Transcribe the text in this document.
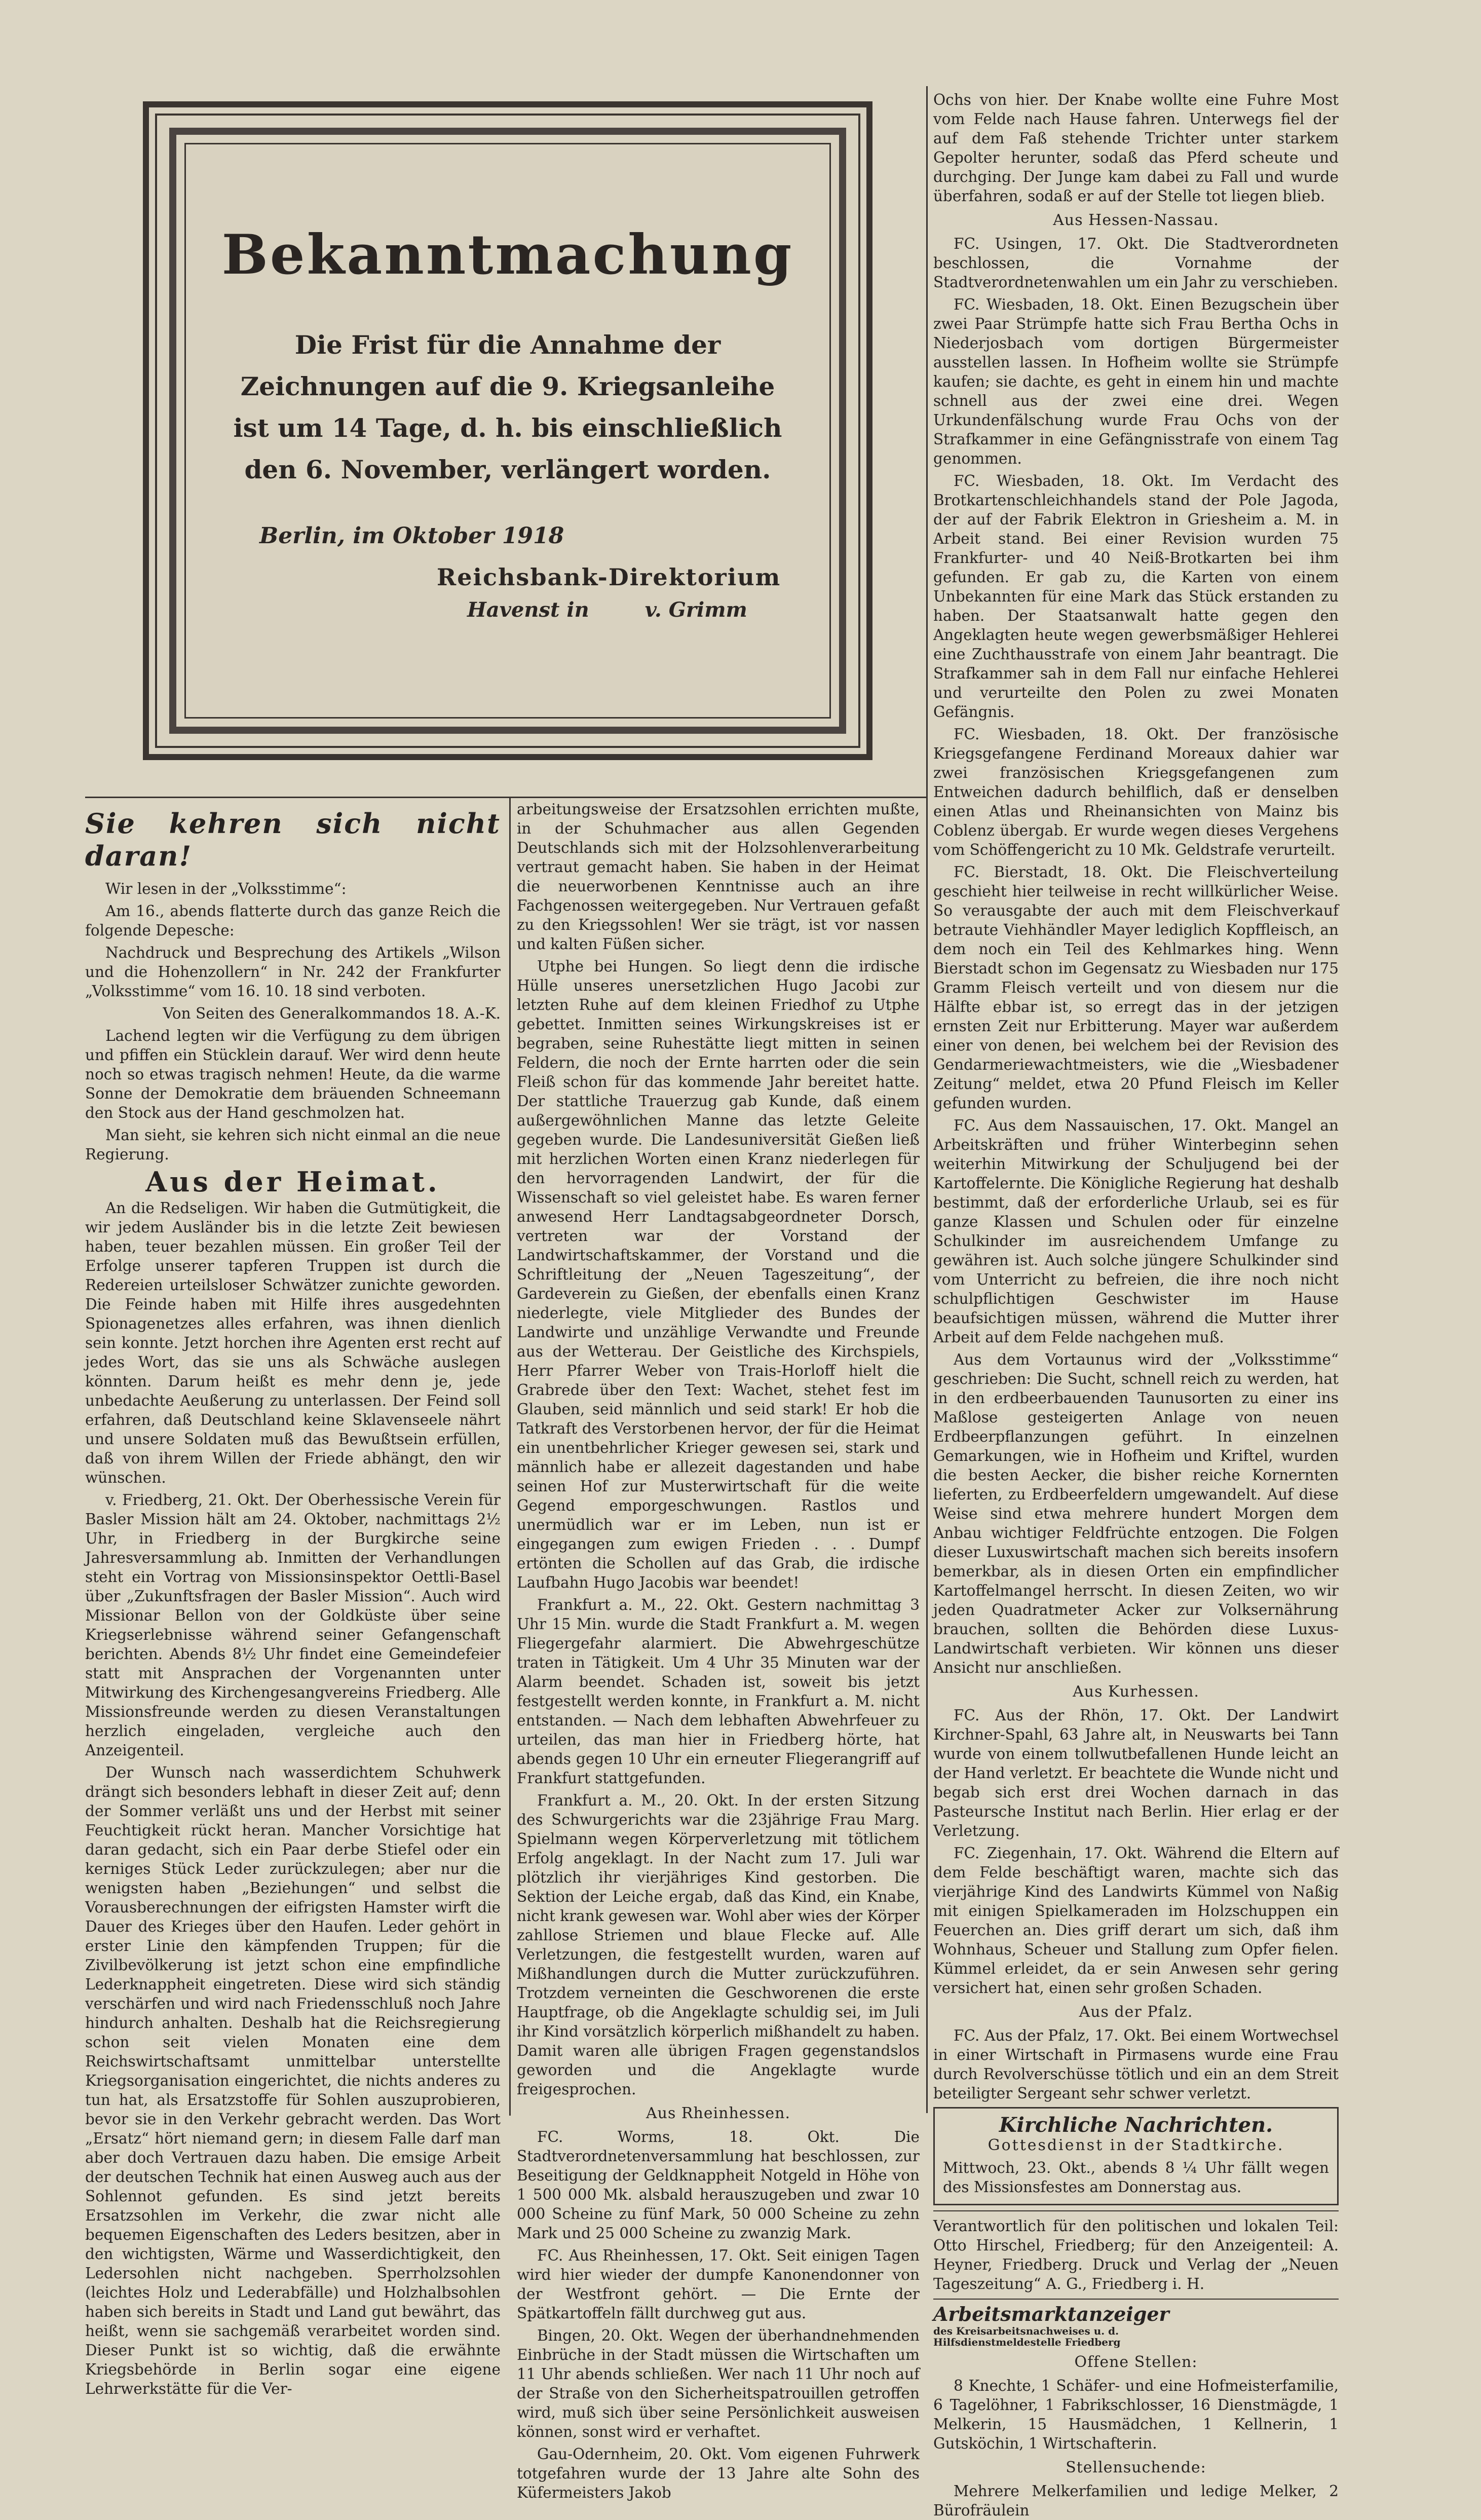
Bekanntmachung
Die Frist für die Annahme der Zeichnungen auf die 9. Kriegsanleihe ist um 14 Tage, d. h. bis einschließlich den 6. November, verlängert worden.
Berlin, im Oktober 1918
Reichsbank-Direktorium
Havenst in	v. Grimm
Sie kehren sich nicht daran!

Wir lesen in der „Volksstimme“:

Am 16., abends flatterte durch das ganze Reich die folgende Depesche:

Nachdruck und Besprechung des Artikels „Wilson und die Hohenzollern“ in Nr. 242 der Frankfurter „Volksstimme“ vom 16. 10. 18 sind verboten.

Von Seiten des Generalkommandos 18. A.-K.

Lachend legten wir die Verfügung zu dem übrigen und pfiffen ein Stücklein darauf. Wer wird denn heute noch so etwas tragisch nehmen! Heute, da die warme Sonne der Demokratie dem bräuenden Schneemann den Stock aus der Hand geschmolzen hat.

Man sieht, sie kehren sich nicht einmal an die neue Regierung.

Aus der Heimat.

An die Redseligen. Wir haben die Gutmütigkeit, die wir jedem Ausländer bis in die letzte Zeit bewiesen haben, teuer bezahlen müssen. Ein großer Teil der Erfolge unserer tapferen Truppen ist durch die Redereien urteilsloser Schwätzer zunichte geworden. Die Feinde haben mit Hilfe ihres ausgedehnten Spionagenetzes alles erfahren, was ihnen dienlich sein konnte. Jetzt horchen ihre Agenten erst recht auf jedes Wort, das sie uns als Schwäche auslegen könnten. Darum heißt es mehr denn je, jede unbedachte Aeußerung zu unterlassen. Der Feind soll erfahren, daß Deutschland keine Sklavenseele nährt und unsere Soldaten muß das Bewußtsein erfüllen, daß von ihrem Willen der Friede abhängt, den wir wünschen.

v. Friedberg, 21. Okt. Der Oberhessische Verein für Basler Mission hält am 24. Oktober, nachmittags 2½ Uhr, in Friedberg in der Burgkirche seine Jahresversammlung ab. Inmitten der Verhandlungen steht ein Vortrag von Missionsinspektor Oettli-Basel über „Zukunftsfragen der Basler Mission“. Auch wird Missionar Bellon von der Goldküste über seine Kriegserlebnisse während seiner Gefangenschaft berichten. Abends 8½ Uhr findet eine Gemeindefeier statt mit Ansprachen der Vorgenannten unter Mitwirkung des Kirchengesangvereins Friedberg. Alle Missionsfreunde werden zu diesen Veranstaltungen herzlich eingeladen, vergleiche auch den Anzeigenteil.

Der Wunsch nach wasserdichtem Schuhwerk drängt sich besonders lebhaft in dieser Zeit auf; denn der Sommer verläßt uns und der Herbst mit seiner Feuchtigkeit rückt heran. Mancher Vorsichtige hat daran gedacht, sich ein Paar derbe Stiefel oder ein kerniges Stück Leder zurückzulegen; aber nur die wenigsten haben „Beziehungen“ und selbst die Vorausberechnungen der eifrigsten Hamster wirft die Dauer des Krieges über den Haufen. Leder gehört in erster Linie den kämpfenden Truppen; für die Zivilbevölkerung ist jetzt schon eine empfindliche Lederknappheit eingetreten. Diese wird sich ständig verschärfen und wird nach Friedensschluß noch Jahre hindurch anhalten. Deshalb hat die Reichsregierung schon seit vielen Monaten eine dem Reichswirtschaftsamt unmittelbar unterstellte Kriegsorganisation eingerichtet, die nichts anderes zu tun hat, als Ersatzstoffe für Sohlen auszuprobieren, bevor sie in den Verkehr gebracht werden. Das Wort „Ersatz“ hört niemand gern; in diesem Falle darf man aber doch Vertrauen dazu haben. Die emsige Arbeit der deutschen Technik hat einen Ausweg auch aus der Sohlennot gefunden. Es sind jetzt bereits Ersatzsohlen im Verkehr, die zwar nicht alle bequemen Eigenschaften des Leders besitzen, aber in den wichtigsten, Wärme und Wasserdichtigkeit, den Ledersohlen nicht nachgeben. Sperrholzsohlen (leichtes Holz und Lederabfälle) und Holzhalbsohlen haben sich bereits in Stadt und Land gut bewährt, das heißt, wenn sie sachgemäß verarbeitet worden sind. Dieser Punkt ist so wichtig, daß die erwähnte Kriegsbehörde in Berlin sogar eine eigene Lehrwerkstätte für die Ver-

arbeitungsweise der Ersatzsohlen errichten mußte, in der Schuhmacher aus allen Gegenden Deutschlands sich mit der Holzsohlenverarbeitung vertraut gemacht haben. Sie haben in der Heimat die neuerworbenen Kenntnisse auch an ihre Fachgenossen weitergegeben. Nur Vertrauen gefaßt zu den Kriegssohlen! Wer sie trägt, ist vor nassen und kalten Füßen sicher.

Utphe bei Hungen. So liegt denn die irdische Hülle unseres unersetzlichen Hugo Jacobi zur letzten Ruhe auf dem kleinen Friedhof zu Utphe gebettet. Inmitten seines Wirkungskreises ist er begraben, seine Ruhestätte liegt mitten in seinen Feldern, die noch der Ernte harrten oder die sein Fleiß schon für das kommende Jahr bereitet hatte. Der stattliche Trauerzug gab Kunde, daß einem außergewöhnlichen Manne das letzte Geleite gegeben wurde. Die Landesuniversität Gießen ließ mit herzlichen Worten einen Kranz niederlegen für den hervorragenden Landwirt, der für die Wissenschaft so viel geleistet habe. Es waren ferner anwesend Herr Landtagsabgeordneter Dorsch, vertreten war der Vorstand der Landwirtschaftskammer, der Vorstand und die Schriftleitung der „Neuen Tageszeitung“, der Gardeverein zu Gießen, der ebenfalls einen Kranz niederlegte, viele Mitglieder des Bundes der Landwirte und unzählige Verwandte und Freunde aus der Wetterau. Der Geistliche des Kirchspiels, Herr Pfarrer Weber von Trais-Horloff hielt die Grabrede über den Text: Wachet, stehet fest im Glauben, seid männlich und seid stark! Er hob die Tatkraft des Verstorbenen hervor, der für die Heimat ein unentbehrlicher Krieger gewesen sei, stark und männlich habe er allezeit dagestanden und habe seinen Hof zur Musterwirtschaft für die weite Gegend emporgeschwungen. Rastlos und unermüdlich war er im Leben, nun ist er eingegangen zum ewigen Frieden . . . Dumpf ertönten die Schollen auf das Grab, die irdische Laufbahn Hugo Jacobis war beendet!

Frankfurt a. M., 22. Okt. Gestern nachmittag 3 Uhr 15 Min. wurde die Stadt Frankfurt a. M. wegen Fliegergefahr alarmiert. Die Abwehrgeschütze traten in Tätigkeit. Um 4 Uhr 35 Minuten war der Alarm beendet. Schaden ist, soweit bis jetzt festgestellt werden konnte, in Frankfurt a. M. nicht entstanden. — Nach dem lebhaften Abwehrfeuer zu urteilen, das man hier in Friedberg hörte, hat abends gegen 10 Uhr ein erneuter Fliegerangriff auf Frankfurt stattgefunden.

Frankfurt a. M., 20. Okt. In der ersten Sitzung des Schwurgerichts war die 23jährige Frau Marg. Spielmann wegen Körperverletzung mit tötlichem Erfolg angeklagt. In der Nacht zum 17. Juli war plötzlich ihr vierjähriges Kind gestorben. Die Sektion der Leiche ergab, daß das Kind, ein Knabe, nicht krank gewesen war. Wohl aber wies der Körper zahllose Striemen und blaue Flecke auf. Alle Verletzungen, die festgestellt wurden, waren auf Mißhandlungen durch die Mutter zurückzuführen. Trotzdem verneinten die Geschworenen die erste Hauptfrage, ob die Angeklagte schuldig sei, im Juli ihr Kind vorsätzlich körperlich mißhandelt zu haben. Damit waren alle übrigen Fragen gegenstandslos geworden und die Angeklagte wurde freigesprochen.

Aus Rheinhessen.

FC. Worms, 18. Okt. Die Stadtverordnetenversammlung hat beschlossen, zur Beseitigung der Geldknappheit Notgeld in Höhe von 1 500 000 Mk. alsbald herauszugeben und zwar 10 000 Scheine zu fünf Mark, 50 000 Scheine zu zehn Mark und 25 000 Scheine zu zwanzig Mark.

FC. Aus Rheinhessen, 17. Okt. Seit einigen Tagen wird hier wieder der dumpfe Kanonendonner von der Westfront gehört. — Die Ernte der Spätkartoffeln fällt durchweg gut aus.

Bingen, 20. Okt. Wegen der überhandnehmenden Einbrüche in der Stadt müssen die Wirtschaften um 11 Uhr abends schließen. Wer nach 11 Uhr noch auf der Straße von den Sicherheitspatrouillen getroffen wird, muß sich über seine Persönlichkeit ausweisen können, sonst wird er verhaftet.

Gau-Odernheim, 20. Okt. Vom eigenen Fuhrwerk totgefahren wurde der 13 Jahre alte Sohn des Küfermeisters Jakob

Ochs von hier. Der Knabe wollte eine Fuhre Most vom Felde nach Hause fahren. Unterwegs fiel der auf dem Faß stehende Trichter unter starkem Gepolter herunter, sodaß das Pferd scheute und durchging. Der Junge kam dabei zu Fall und wurde überfahren, sodaß er auf der Stelle tot liegen blieb.

Aus Hessen-Nassau.

FC. Usingen, 17. Okt. Die Stadtverordneten beschlossen, die Vornahme der Stadtverordnetenwahlen um ein Jahr zu verschieben.

FC. Wiesbaden, 18. Okt. Einen Bezugschein über zwei Paar Strümpfe hatte sich Frau Bertha Ochs in Niederjosbach vom dortigen Bürgermeister ausstellen lassen. In Hofheim wollte sie Strümpfe kaufen; sie dachte, es geht in einem hin und machte schnell aus der zwei eine drei. Wegen Urkundenfälschung wurde Frau Ochs von der Strafkammer in eine Gefängnisstrafe von einem Tag genommen.

FC. Wiesbaden, 18. Okt. Im Verdacht des Brotkartenschleichhandels stand der Pole Jagoda, der auf der Fabrik Elektron in Griesheim a. M. in Arbeit stand. Bei einer Revision wurden 75 Frankfurter- und 40 Neiß-Brotkarten bei ihm gefunden. Er gab zu, die Karten von einem Unbekannten für eine Mark das Stück erstanden zu haben. Der Staatsanwalt hatte gegen den Angeklagten heute wegen gewerbsmäßiger Hehlerei eine Zuchthausstrafe von einem Jahr beantragt. Die Strafkammer sah in dem Fall nur einfache Hehlerei und verurteilte den Polen zu zwei Monaten Gefängnis.

FC. Wiesbaden, 18. Okt. Der französische Kriegsgefangene Ferdinand Moreaux dahier war zwei französischen Kriegsgefangenen zum Entweichen dadurch behilflich, daß er denselben einen Atlas und Rheinansichten von Mainz bis Coblenz übergab. Er wurde wegen dieses Vergehens vom Schöffengericht zu 10 Mk. Geldstrafe verurteilt.

FC. Bierstadt, 18. Okt. Die Fleischverteilung geschieht hier teilweise in recht willkürlicher Weise. So verausgabte der auch mit dem Fleischverkauf betraute Viehhändler Mayer lediglich Kopffleisch, an dem noch ein Teil des Kehlmarkes hing. Wenn Bierstadt schon im Gegensatz zu Wiesbaden nur 175 Gramm Fleisch verteilt und von diesem nur die Hälfte ebbar ist, so erregt das in der jetzigen ernsten Zeit nur Erbitterung. Mayer war außerdem einer von denen, bei welchem bei der Revision des Gendarmeriewachtmeisters, wie die „Wiesbadener Zeitung“ meldet, etwa 20 Pfund Fleisch im Keller gefunden wurden.

FC. Aus dem Nassauischen, 17. Okt. Mangel an Arbeitskräften und früher Winterbeginn sehen weiterhin Mitwirkung der Schuljugend bei der Kartoffelernte. Die Königliche Regierung hat deshalb bestimmt, daß der erforderliche Urlaub, sei es für ganze Klassen und Schulen oder für einzelne Schulkinder im ausreichendem Umfange zu gewähren ist. Auch solche jüngere Schulkinder sind vom Unterricht zu befreien, die ihre noch nicht schulpflichtigen Geschwister im Hause beaufsichtigen müssen, während die Mutter ihrer Arbeit auf dem Felde nachgehen muß.

Aus dem Vortaunus wird der „Volksstimme“ geschrieben: Die Sucht, schnell reich zu werden, hat in den erdbeerbauenden Taunusorten zu einer ins Maßlose gesteigerten Anlage von neuen Erdbeerpflanzungen geführt. In einzelnen Gemarkungen, wie in Hofheim und Kriftel, wurden die besten Aecker, die bisher reiche Kornernten lieferten, zu Erdbeerfeldern umgewandelt. Auf diese Weise sind etwa mehrere hundert Morgen dem Anbau wichtiger Feldfrüchte entzogen. Die Folgen dieser Luxuswirtschaft machen sich bereits insofern bemerkbar, als in diesen Orten ein empfindlicher Kartoffelmangel herrscht. In diesen Zeiten, wo wir jeden Quadratmeter Acker zur Volksernährung brauchen, sollten die Behörden diese Luxus-Landwirtschaft verbieten. Wir können uns dieser Ansicht nur anschließen.

Aus Kurhessen.

FC. Aus der Rhön, 17. Okt. Der Landwirt Kirchner-Spahl, 63 Jahre alt, in Neuswarts bei Tann wurde von einem tollwutbefallenen Hunde leicht an der Hand verletzt. Er beachtete die Wunde nicht und begab sich erst drei Wochen darnach in das Pasteursche Institut nach Berlin. Hier erlag er der Verletzung.

FC. Ziegenhain, 17. Okt. Während die Eltern auf dem Felde beschäftigt waren, machte sich das vierjährige Kind des Landwirts Kümmel von Naßig mit einigen Spielkameraden im Holzschuppen ein Feuerchen an. Dies griff derart um sich, daß ihm Wohnhaus, Scheuer und Stallung zum Opfer fielen. Kümmel erleidet, da er sein Anwesen sehr gering versichert hat, einen sehr großen Schaden.

Aus der Pfalz.

FC. Aus der Pfalz, 17. Okt. Bei einem Wortwechsel in einer Wirtschaft in Pirmasens wurde eine Frau durch Revolverschüsse tötlich und ein an dem Streit beteiligter Sergeant sehr schwer verletzt.

Kirchliche Nachrichten.
Gottesdienst in der Stadtkirche.

Mittwoch, 23. Okt., abends 8 ¼ Uhr fällt wegen des Missionsfestes am Donnerstag aus.

Verantwortlich für den politischen und lokalen Teil: Otto Hirschel, Friedberg; für den Anzeigenteil: A. Heyner, Friedberg. Druck und Verlag der „Neuen Tageszeitung“ A. G., Friedberg i. H.

Arbeitsmarktanzeiger des Kreisarbeitsnachweises u. d.
Hilfsdienstmeldestelle Friedberg
Offene Stellen:

8 Knechte, 1 Schäfer- und eine Hofmeisterfamilie, 6 Tagelöhner, 1 Fabrikschlosser, 16 Dienstmägde, 1 Melkerin, 15 Hausmädchen, 1 Kellnerin, 1 Gutsköchin, 1 Wirtschafterin.

Stellensuchende:

Mehrere Melkerfamilien und ledige Melker, 2 Bürofräulein
